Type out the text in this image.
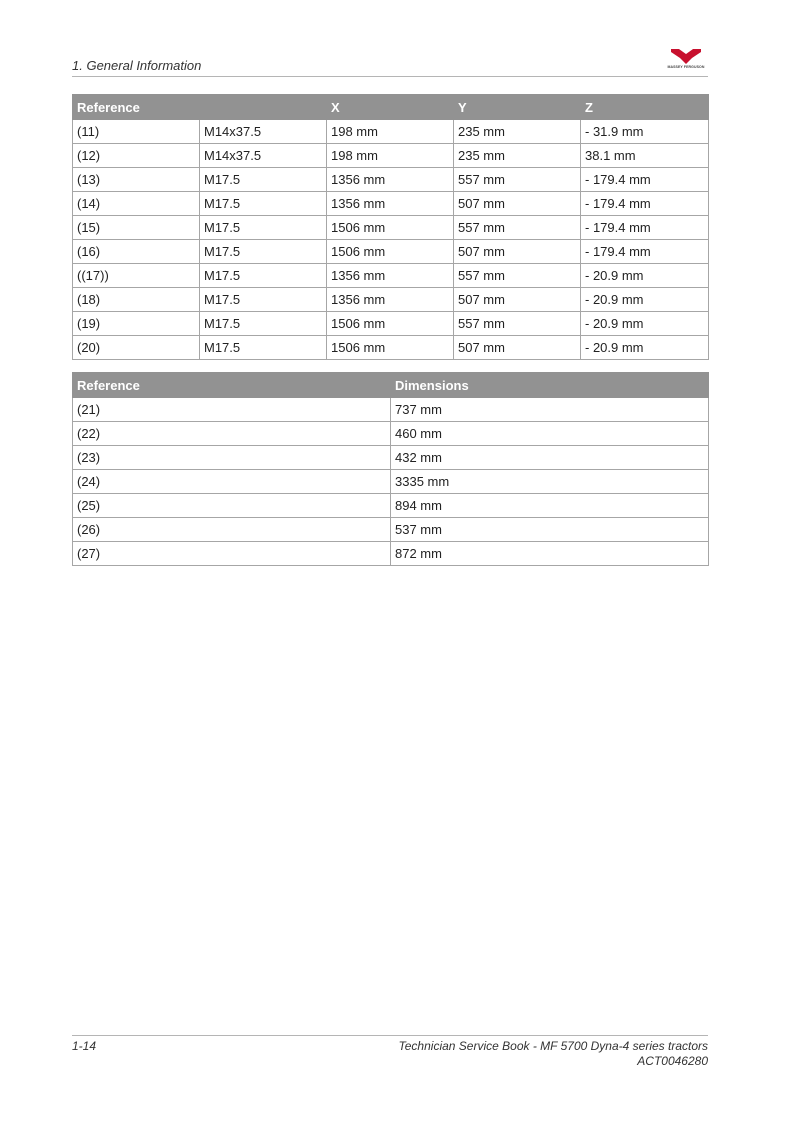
1. General Information	MASSEY FERGUSON
Reference		X	Y	Z
(11)	M14x37.5	198 mm	235 mm	- 31.9 mm
(12)	M14x37.5	198 mm	235 mm	38.1 mm
(13)	M17.5	1356 mm	557 mm	- 179.4 mm
(14)	M17.5	1356 mm	507 mm	- 179.4 mm
(15)	M17.5	1506 mm	557 mm	- 179.4 mm
(16)	M17.5	1506 mm	507 mm	- 179.4 mm
((17))	M17.5	1356 mm	557 mm	- 20.9 mm
(18)	M17.5	1356 mm	507 mm	- 20.9 mm
(19)	M17.5	1506 mm	557 mm	- 20.9 mm
(20)	M17.5	1506 mm	507 mm	- 20.9 mm
Reference	Dimensions
(21)	737 mm
(22)	460 mm
(23)	432 mm
(24)	3335 mm
(25)	894 mm
(26)	537 mm
(27)	872 mm
1-14	Technician Service Book - MF 5700 Dyna-4 series tractors
ACT0046280
